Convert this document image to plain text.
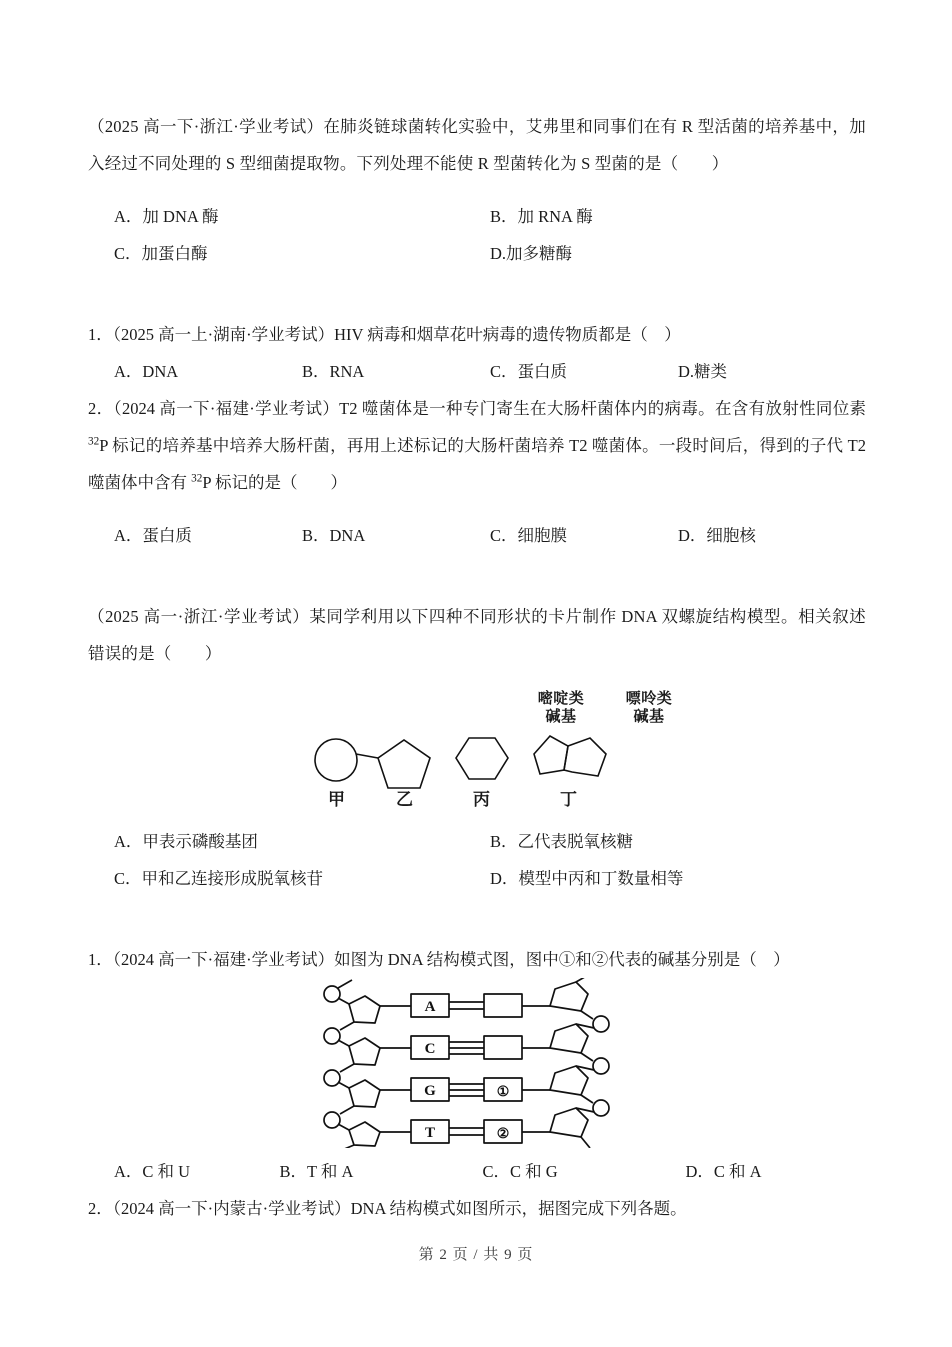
（2025 高一下·浙江·学业考试）在肺炎链球菌转化实验中，艾弗里和同事们在有 R 型活菌的培养基中，加入经过不同处理的 S 型细菌提取物。下列处理不能使 R 型菌转化为 S 型菌的是（　　）

A．加 DNA 酶	B．加 RNA 酶
C．加蛋白酶	D.加多糖酶

1．（2025 高一上·湖南·学业考试）HIV 病毒和烟草花叶病毒的遗传物质都是（　）

A．DNA	B．RNA	C．蛋白质	D.糖类

2．（2024 高一下·福建·学业考试）T2 噬菌体是一种专门寄生在大肠杆菌体内的病毒。在含有放射性同位素$^{32}$P 标记的培养基中培养大肠杆菌，再用上述标记的大肠杆菌培养 T2 噬菌体。一段时间后，得到的子代 T2 噬菌体中含有 $^{32}$P 标记的是（　　）

A．蛋白质	B．DNA	C．细胞膜	D．细胞核

（2025 高一·浙江·学业考试）某同学利用以下四种不同形状的卡片制作 DNA 双螺旋结构模型。相关叙述错误的是（　　）

嘧啶类
碱基
嘌呤类
碱基
甲	乙	丙	丁
A．甲表示磷酸基团	B．乙代表脱氧核糖
C．甲和乙连接形成脱氧核苷	D．模型中丙和丁数量相等

1．（2024 高一下·福建·学业考试）如图为 DNA 结构模式图，图中①和②代表的碱基分别是（　）

A
C
G
T
①
②
A．C 和 U	B．T 和 A	C．C 和 G	D．C 和 A

2．（2024 高一下·内蒙古·学业考试）DNA 结构模式如图所示，据图完成下列各题。

第 2 页 / 共 9 页
